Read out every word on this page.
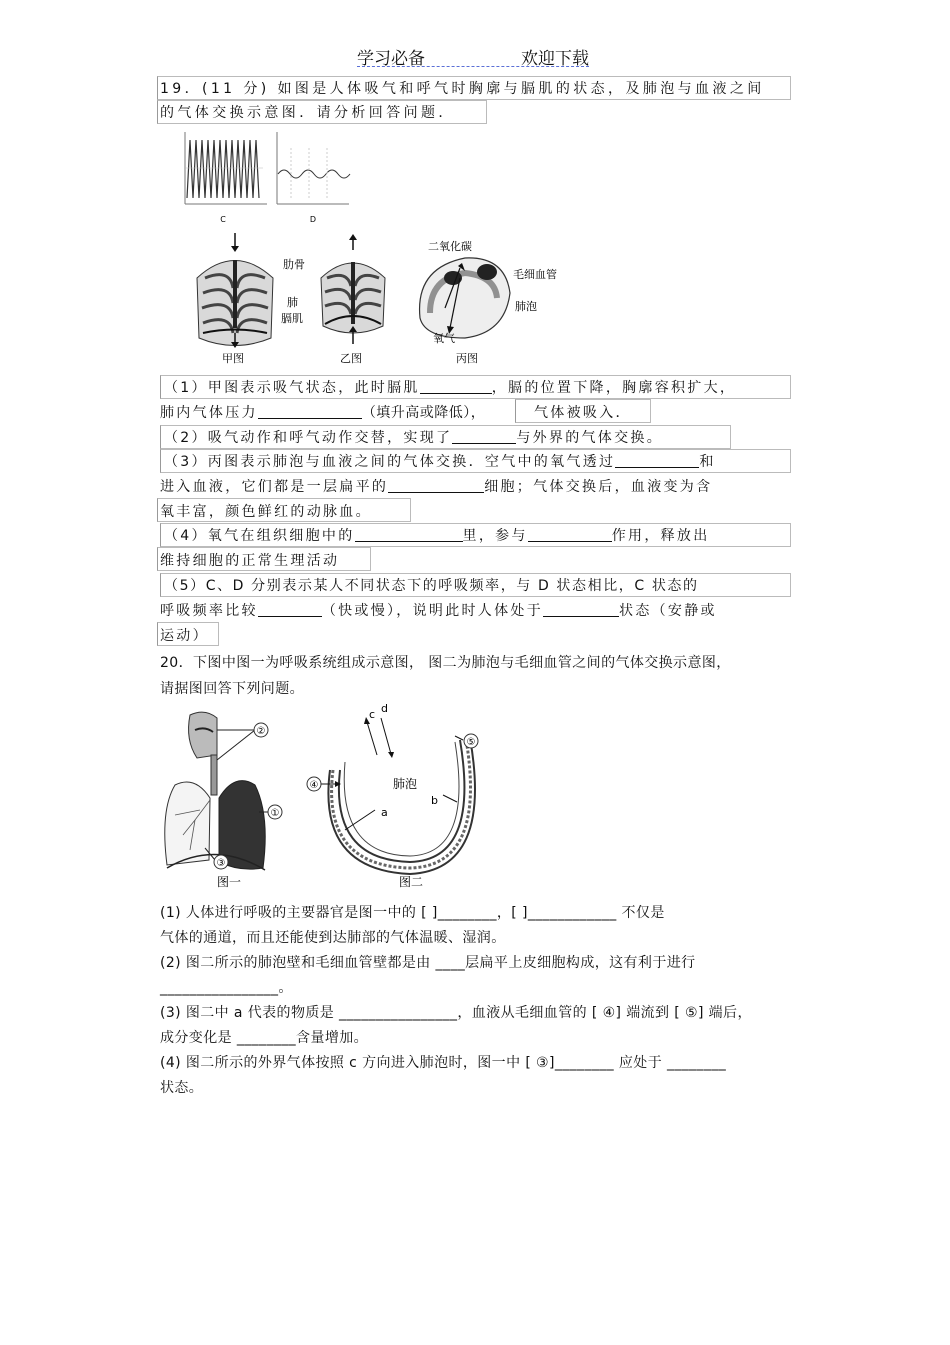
学习必备	欢迎下载
19．(11 分) 如图是人体吸气和呼气时胸廓与膈肌的状态，及肺泡与血液之间
的气体交换示意图．请分析回答问题．
C	D
甲图
肋骨
肺
膈肌
乙图
二氧化碳
毛细血管
肺泡
氧气
丙图
（1）甲图表示吸气状态，此时膈肌	，膈的位置下降，胸廓容积扩大，
肺内气体压力	（填升高或降低），	气体被吸入．
（2）吸气动作和呼气动作交替，实现了	与外界的气体交换。
（3）丙图表示肺泡与血液之间的气体交换．空气中的氧气透过	和
进入血液，它们都是一层扁平的	细胞；气体交换后，血液变为含
氧丰富，颜色鲜红的动脉血。
（4）氧气在组织细胞中的	里，参与	作用，释放出
维持细胞的正常生理活动
（5）C、D 分别表示某人不同状态下的呼吸频率，与 D 状态相比，C 状态的
呼吸频率比较	（快或慢），说明此时人体处于	状态（安静或
运动）
20．下图中图一为呼吸系统组成示意图， 图二为肺泡与毛细血管之间的气体交换示意图，
请据图回答下列问题。
②
①
③
图一
c d
肺泡
a
b
④
⑤
图二
(1) 人体进行呼吸的主要器官是图一中的 [ ]________，[ ]____________ 不仅是
气体的通道，而且还能使到达肺部的气体温暖、湿润。
(2) 图二所示的肺泡壁和毛细血管壁都是由 ____层扁平上皮细胞构成，这有利于进行
________________。
(3) 图二中 a 代表的物质是 ________________，血液从毛细血管的 [ ④] 端流到 [ ⑤] 端后，
成分变化是 ________含量增加。
(4) 图二所示的外界气体按照 c 方向进入肺泡时，图一中 [ ③]________ 应处于 ________
状态。
